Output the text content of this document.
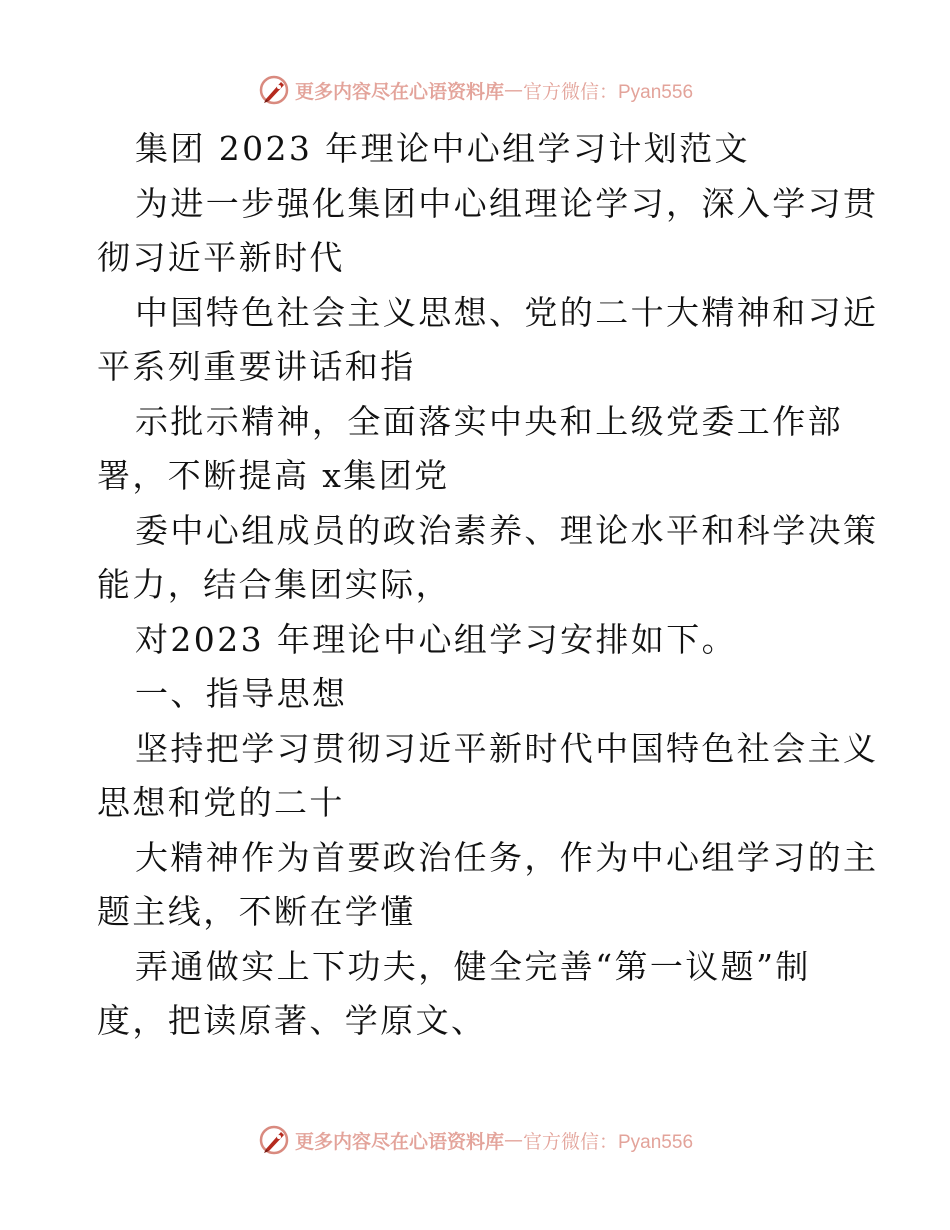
更多内容尽在心语资料库 — 官方微信：Pyan556

集团 2023 年理论中心组学习计划范文

为进一步强化集团中心组理论学习，深入学习贯

彻习近平新时代

中国特色社会主义思想、党的二十大精神和习近

平系列重要讲话和指

示批示精神，全面落实中央和上级党委工作部

署，不断提高 x集团党

委中心组成员的政治素养、理论水平和科学决策

能力，结合集团实际，

对2023 年理论中心组学习安排如下。

一、指导思想

坚持把学习贯彻习近平新时代中国特色社会主义

思想和党的二十

大精神作为首要政治任务，作为中心组学习的主

题主线，不断在学懂

弄通做实上下功夫，健全完善“第一议题”制

度，把读原著、学原文、

更多内容尽在心语资料库 — 官方微信：Pyan556
